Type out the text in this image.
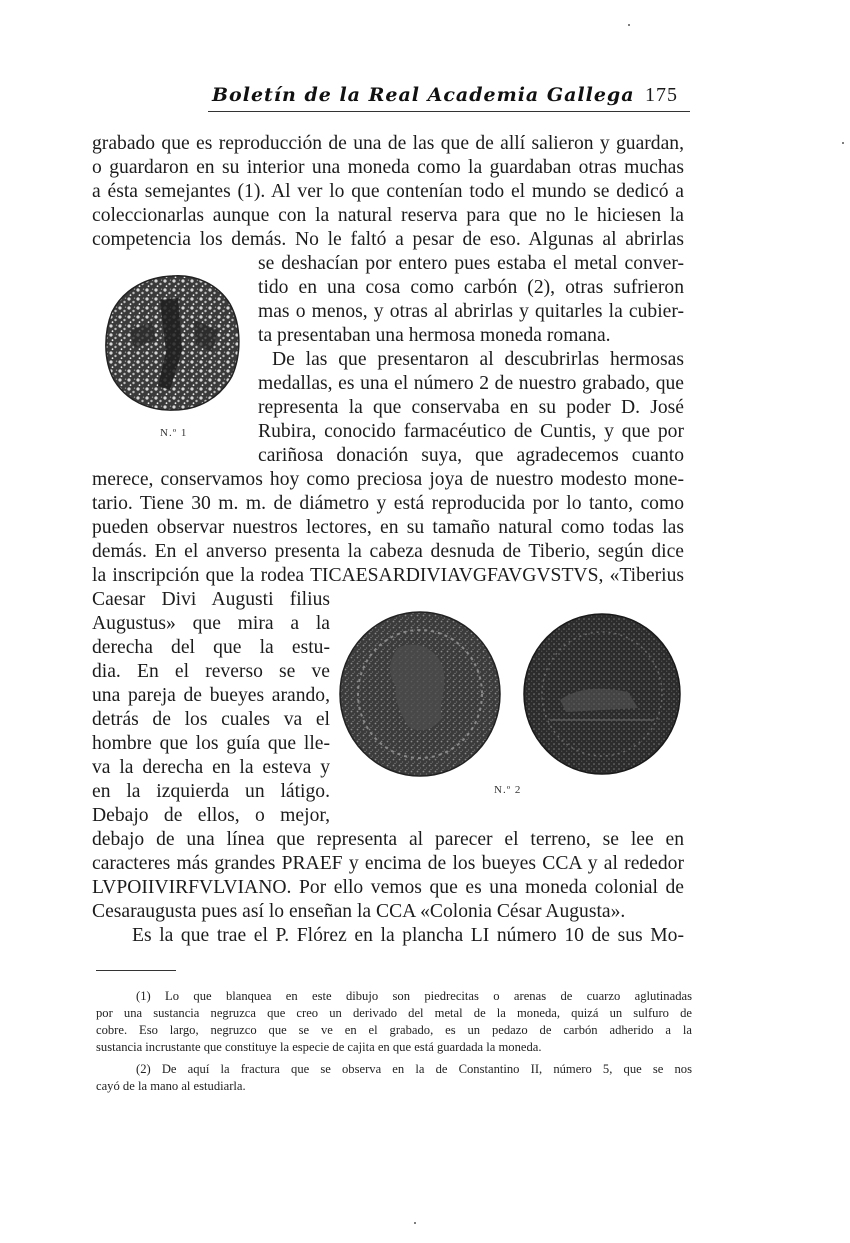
Boletín de la Real Academia Gallega 175
grabado que es reproducción de una de las que de allí salieron y guardan,
o guardaron en su interior una moneda como la guardaban otras muchas
a ésta semejantes (1). Al ver lo que contenían todo el mundo se dedicó a
coleccionarlas aunque con la natural reserva para que no le hiciesen la
competencia los demás. No le faltó a pesar de eso. Algunas al abrirlas
se deshacían por entero pues estaba el metal conver-
tido en una cosa como carbón (2), otras sufrieron
mas o menos, y otras al abrirlas y quitarles la cubier-
ta presentaban una hermosa moneda romana.
N.º 1
De las que presentaron al descubrirlas hermosas
medallas, es una el número 2 de nuestro grabado, que
representa la que conservaba en su poder D. José
Rubira, conocido farmacéutico de Cuntis, y que por
cariñosa donación suya, que agradecemos cuanto
merece, conservamos hoy como preciosa joya de nuestro modesto mone-
tario. Tiene 30 m. m. de diámetro y está reproducida por lo tanto, como
pueden observar nuestros lectores, en su tamaño natural como todas las
demás. En el anverso presenta la cabeza desnuda de Tiberio, según dice
la inscripción que la rodea TICAESARDIVIAVGFAVGVSTVS, «Tiberius
Caesar Divi Augusti filius
Augustus» que mira a la
derecha del que la estu-
dia. En el reverso se ve
una pareja de bueyes arando,
detrás de los cuales va el
hombre que los guía que lle-
va la derecha en la esteva y
en la izquierda un látigo.
Debajo de ellos, o mejor,
debajo de una línea que representa al parecer el terreno, se lee en
caracteres más grandes PRAEF y encima de los bueyes CCA y al rededor
LVPOIIVIRFVLVIANO. Por ello vemos que es una moneda colonial de
Cesaraugusta pues así lo enseñan la CCA «Colonia César Augusta».
N.º 2
Es la que trae el P. Flórez en la plancha LI número 10 de sus Mo-
(1) Lo que blanquea en este dibujo son piedrecitas o arenas de cuarzo aglutinadas
por una sustancia negruzca que creo un derivado del metal de la moneda, quizá un sulfuro de
cobre. Eso largo, negruzco que se ve en el grabado, es un pedazo de carbón adherido a la
sustancia incrustante que constituye la especie de cajita en que está guardada la moneda.
(2) De aquí la fractura que se observa en la de Constantino II, número 5, que se nos
cayó de la mano al estudiarla.
